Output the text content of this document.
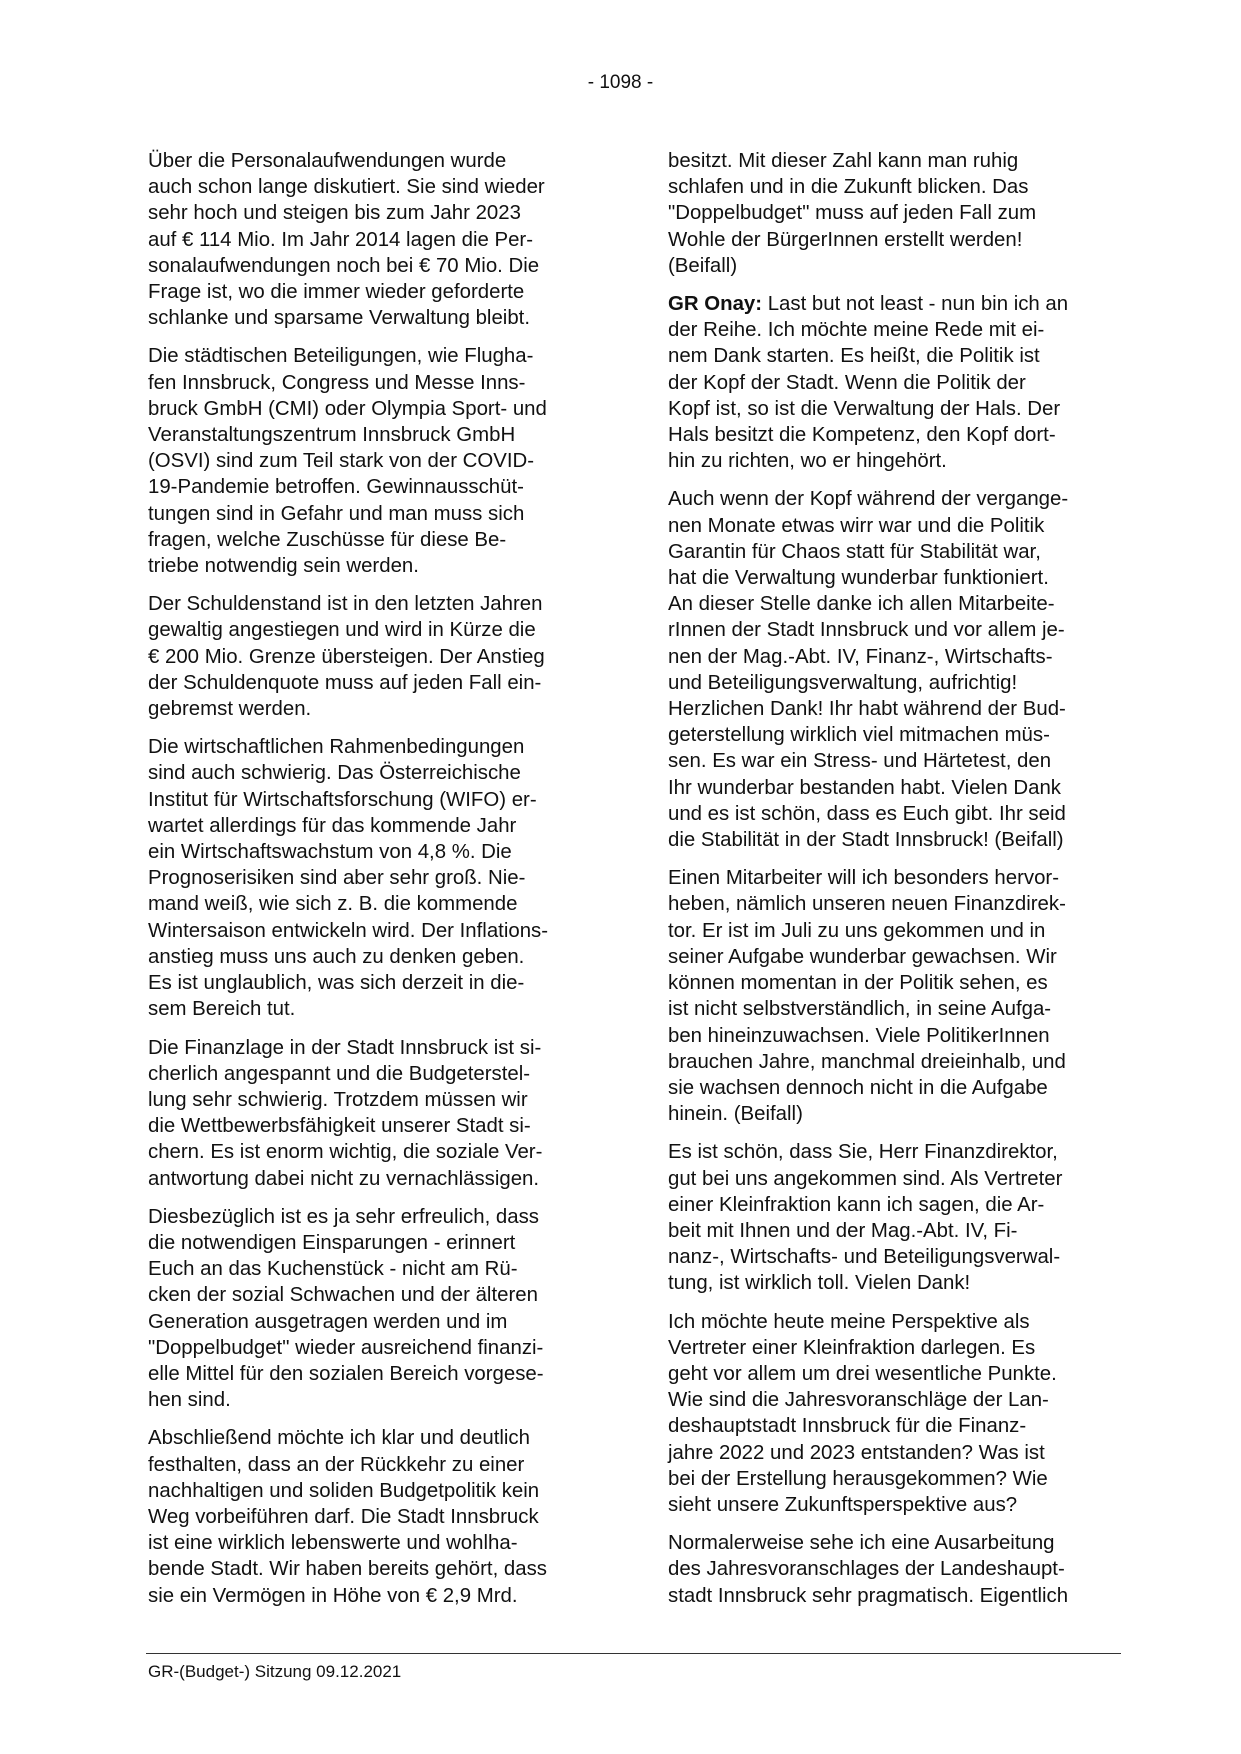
- 1098 -

Über die Personalaufwendungen wurde
auch schon lange diskutiert. Sie sind wieder
sehr hoch und steigen bis zum Jahr 2023
auf € 114 Mio. Im Jahr 2014 lagen die Per-
sonalaufwendungen noch bei € 70 Mio. Die
Frage ist, wo die immer wieder geforderte
schlanke und sparsame Verwaltung bleibt.

Die städtischen Beteiligungen, wie Flugha-
fen Innsbruck, Congress und Messe Inns-
bruck GmbH (CMI) oder Olympia Sport- und
Veranstaltungszentrum Innsbruck GmbH
(OSVI) sind zum Teil stark von der COVID-
19-Pandemie betroffen. Gewinnausschüt-
tungen sind in Gefahr und man muss sich
fragen, welche Zuschüsse für diese Be-
triebe notwendig sein werden.

Der Schuldenstand ist in den letzten Jahren
gewaltig angestiegen und wird in Kürze die
€ 200 Mio. Grenze übersteigen. Der Anstieg
der Schuldenquote muss auf jeden Fall ein-
gebremst werden.

Die wirtschaftlichen Rahmenbedingungen
sind auch schwierig. Das Österreichische
Institut für Wirtschaftsforschung (WIFO) er-
wartet allerdings für das kommende Jahr
ein Wirtschaftswachstum von 4,8 %. Die
Prognoserisiken sind aber sehr groß. Nie-
mand weiß, wie sich z. B. die kommende
Wintersaison entwickeln wird. Der Inflations-
anstieg muss uns auch zu denken geben.
Es ist unglaublich, was sich derzeit in die-
sem Bereich tut.

Die Finanzlage in der Stadt Innsbruck ist si-
cherlich angespannt und die Budgeterstel-
lung sehr schwierig. Trotzdem müssen wir
die Wettbewerbsfähigkeit unserer Stadt si-
chern. Es ist enorm wichtig, die soziale Ver-
antwortung dabei nicht zu vernachlässigen.

Diesbezüglich ist es ja sehr erfreulich, dass
die notwendigen Einsparungen - erinnert
Euch an das Kuchenstück - nicht am Rü-
cken der sozial Schwachen und der älteren
Generation ausgetragen werden und im
"Doppelbudget" wieder ausreichend finanzi-
elle Mittel für den sozialen Bereich vorgese-
hen sind.

Abschließend möchte ich klar und deutlich
festhalten, dass an der Rückkehr zu einer
nachhaltigen und soliden Budgetpolitik kein
Weg vorbeiführen darf. Die Stadt Innsbruck
ist eine wirklich lebenswerte und wohlha-
bende Stadt. Wir haben bereits gehört, dass
sie ein Vermögen in Höhe von € 2,9 Mrd.

besitzt. Mit dieser Zahl kann man ruhig
schlafen und in die Zukunft blicken. Das
"Doppelbudget" muss auf jeden Fall zum
Wohle der BürgerInnen erstellt werden!
(Beifall)

GR Onay: Last but not least - nun bin ich an
der Reihe. Ich möchte meine Rede mit ei-
nem Dank starten. Es heißt, die Politik ist
der Kopf der Stadt. Wenn die Politik der
Kopf ist, so ist die Verwaltung der Hals. Der
Hals besitzt die Kompetenz, den Kopf dort-
hin zu richten, wo er hingehört.

Auch wenn der Kopf während der vergange-
nen Monate etwas wirr war und die Politik
Garantin für Chaos statt für Stabilität war,
hat die Verwaltung wunderbar funktioniert.
An dieser Stelle danke ich allen Mitarbeite-
rInnen der Stadt Innsbruck und vor allem je-
nen der Mag.-Abt. IV, Finanz-, Wirtschafts-
und Beteiligungsverwaltung, aufrichtig!
Herzlichen Dank! Ihr habt während der Bud-
geterstellung wirklich viel mitmachen müs-
sen. Es war ein Stress- und Härtetest, den
Ihr wunderbar bestanden habt. Vielen Dank
und es ist schön, dass es Euch gibt. Ihr seid
die Stabilität in der Stadt Innsbruck! (Beifall)

Einen Mitarbeiter will ich besonders hervor-
heben, nämlich unseren neuen Finanzdirek-
tor. Er ist im Juli zu uns gekommen und in
seiner Aufgabe wunderbar gewachsen. Wir
können momentan in der Politik sehen, es
ist nicht selbstverständlich, in seine Aufga-
ben hineinzuwachsen. Viele PolitikerInnen
brauchen Jahre, manchmal dreieinhalb, und
sie wachsen dennoch nicht in die Aufgabe
hinein. (Beifall)

Es ist schön, dass Sie, Herr Finanzdirektor,
gut bei uns angekommen sind. Als Vertreter
einer Kleinfraktion kann ich sagen, die Ar-
beit mit Ihnen und der Mag.-Abt. IV, Fi-
nanz-, Wirtschafts- und Beteiligungsverwal-
tung, ist wirklich toll. Vielen Dank!

Ich möchte heute meine Perspektive als
Vertreter einer Kleinfraktion darlegen. Es
geht vor allem um drei wesentliche Punkte.
Wie sind die Jahresvoranschläge der Lan-
deshauptstadt Innsbruck für die Finanz-
jahre 2022 und 2023 entstanden? Was ist
bei der Erstellung herausgekommen? Wie
sieht unsere Zukunftsperspektive aus?

Normalerweise sehe ich eine Ausarbeitung
des Jahresvoranschlages der Landeshaupt-
stadt Innsbruck sehr pragmatisch. Eigentlich

GR-(Budget-) Sitzung 09.12.2021
